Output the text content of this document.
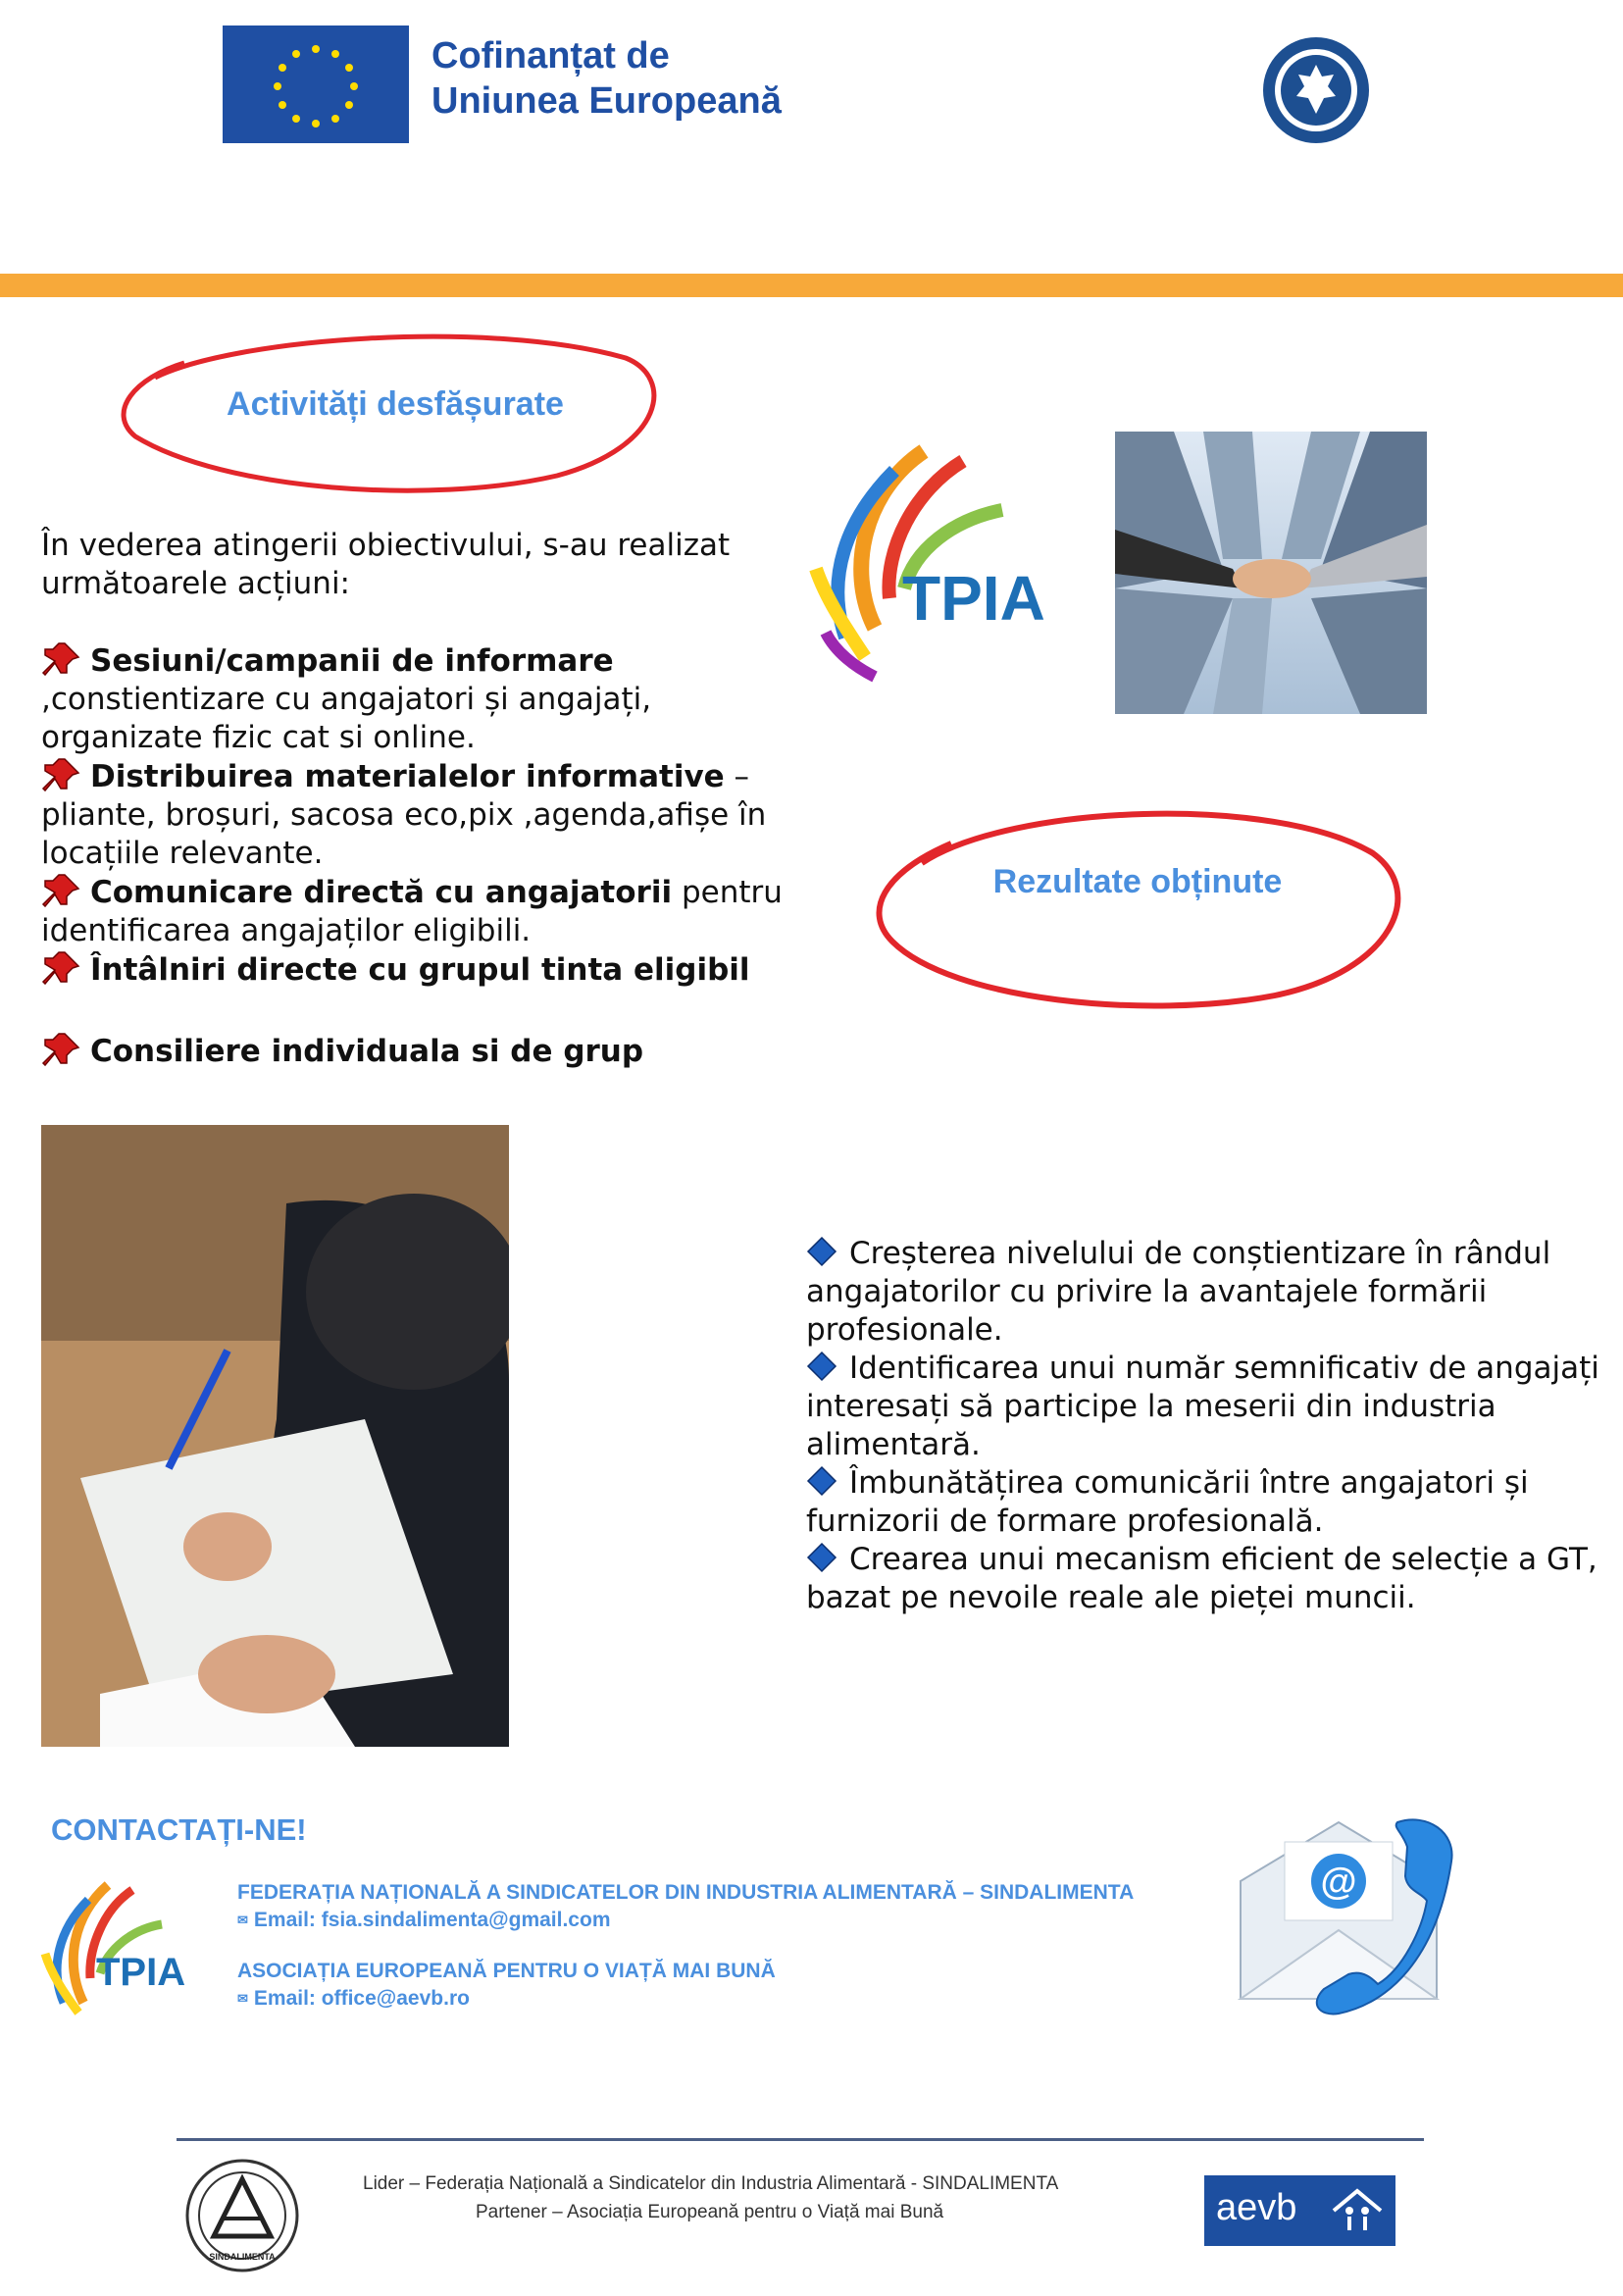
Cofinanțat de
Uniunea Europeană
Activități desfășurate
În vederea atingerii obiectivului, s-au realizat
următoarele acțiuni:
Sesiuni/campanii de informare
,constientizare cu angajatori și angajați,
organizate fizic cat si online.
Distribuirea materialelor informative –
pliante, broșuri, sacosa eco,pix ,agenda,afișe în
locațiile relevante.
Comunicare directă cu angajatorii pentru
identificarea angajaților eligibili.
Întâlniri directe cu grupul tinta eligibil
Consiliere individuala si de grup
TPIA
Rezultate obținute
Creșterea nivelului de conștientizare în rândul
angajatorilor cu privire la avantajele formării
profesionale.
Identificarea unui număr semnificativ de angajați
interesați să participe la meserii din industria
alimentară.
Îmbunătățirea comunicării între angajatori și
furnizorii de formare profesională.
Crearea unui mecanism eficient de selecție a GT,
bazat pe nevoile reale ale pieței muncii.
CONTACTAȚI-NE!
TPIA
FEDERAȚIA NAȚIONALĂ A SINDICATELOR DIN INDUSTRIA ALIMENTARĂ – SINDALIMENTA
✉ Email: fsia.sindalimenta@gmail.com
ASOCIAȚIA EUROPEANĂ PENTRU O VIAȚĂ MAI BUNĂ
✉ Email: office@aevb.ro
@
SINDALIMENTA
Lider – Federația Națională a Sindicatelor din Industria Alimentară - SINDALIMENTA
Partener – Asociația Europeană pentru o Viață mai Bună	aevb
